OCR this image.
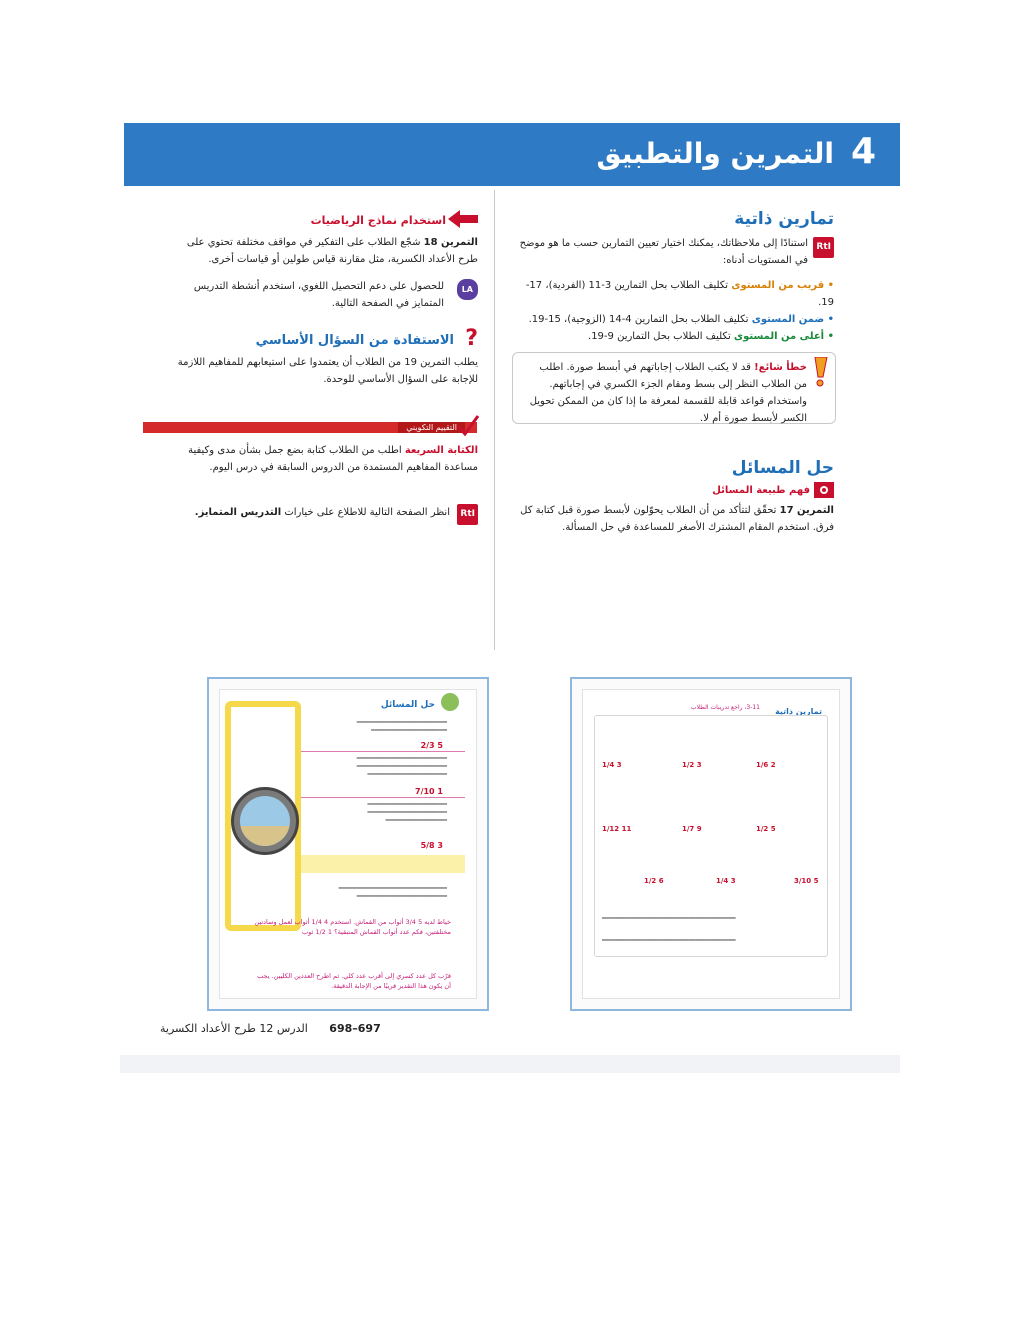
4
التمرين والتطبيق
تمارين ذاتية
RtI
استنادًا إلى ملاحظاتك، يمكنك اختيار تعيين التمارين حسب ما هو موضح في المستويات أدناه:
• قريب من المستوى تكليف الطلاب بحل التمارين 3-11 (الفردية)، 17-19.
• ضمن المستوى تكليف الطلاب بحل التمارين 4-14 (الزوجية)، 15-19.
• أعلى من المستوى تكليف الطلاب بحل التمارين 9-19.
خطأ شائع! قد لا يكتب الطلاب إجاباتهم في أبسط صورة. اطلب من الطلاب النظر إلى بسط ومقام الجزء الكسري في إجاباتهم. واستخدام قواعد قابلة للقسمة لمعرفة ما إذا كان من الممكن تحويل الكسر لأبسط صورة أم لا.
حل المسائل
فهم طبيعة المسائل
التمرين 17 تحقّق لتتأكد من أن الطلاب يحوّلون لأبسط صورة قبل كتابة كل فرق. استخدم المقام المشترك الأصغر للمساعدة في حل المسألة.
استخدام نماذج الرياضيات
التمرين 18 شجّع الطلاب على التفكير في مواقف مختلفة تحتوي على طرح الأعداد الكسرية، مثل مقارنة قياس طولين أو قياسات أخرى.
LA
للحصول على دعم التحصيل اللغوي، استخدم أنشطة التدريس المتمايز في الصفحة التالية.
?
الاستفادة من السؤال الأساسي
يطلب التمرين 19 من الطلاب أن يعتمدوا على استيعابهم للمفاهيم اللازمة للإجابة على السؤال الأساسي للوحدة.
التقييم التكويني
الكتابة السريعة اطلب من الطلاب كتابة بضع جمل بشأن مدى وكيفية مساعدة المفاهيم المستمدة من الدروس السابقة في درس اليوم.
RtI
انظر الصفحة التالية للاطلاع على خيارات التدريس المتمايز.
حل المسائل
━━━━━━━━━━━━━━━━━━━━━━━━━
━━━━━━━━━━━━━━━━━━━━━
5 2/3
━━━━━━━━━━━━━━━━━━━━━━━━━
━━━━━━━━━━━━━━━━━━━━━━━━━
━━━━━━━━━━━━━━━━━━━━━━
1 7/10
━━━━━━━━━━━━━━━━━━━━━━
━━━━━━━━━━━━━━━━━━━━━━
━━━━━━━━━━━━━━━━━
3 5/8
━━━━━━━━━━━━━━━━━━━━━━━━━━━━━━
━━━━━━━━━━━━━━━━━━━━━━━━━
خياط لديه 5 3/4 أثواب من القماش. استخدم 4 1/4 أثواب لعمل وسادتين مختلفتين، فكم عدد أثواب القماش المتبقية؟ 1 1/2 ثوب
قرّب كل عدد كسري إلى أقرب عدد كلي. ثم اطرح العددين الكليين. يجب أن يكون هذا التقدير قريبًا من الإجابة الدقيقة.
تمارين ذاتية
3-11، راجع تدريبات الطلاب
3 1/4	3 1/2	2 1/6
11 1/12	9 1/7	5 1/2
6 1/2	3 1/4	5 3/10
━━━━━━━━━━━━━━━━━━━━━━━━━━━━━━━━━━━━━
━━━━━━━━━━━━━━━━━━━━━━━━━━━━━━━━━━━━━
697–698 الدرس 12 طرح الأعداد الكسرية
